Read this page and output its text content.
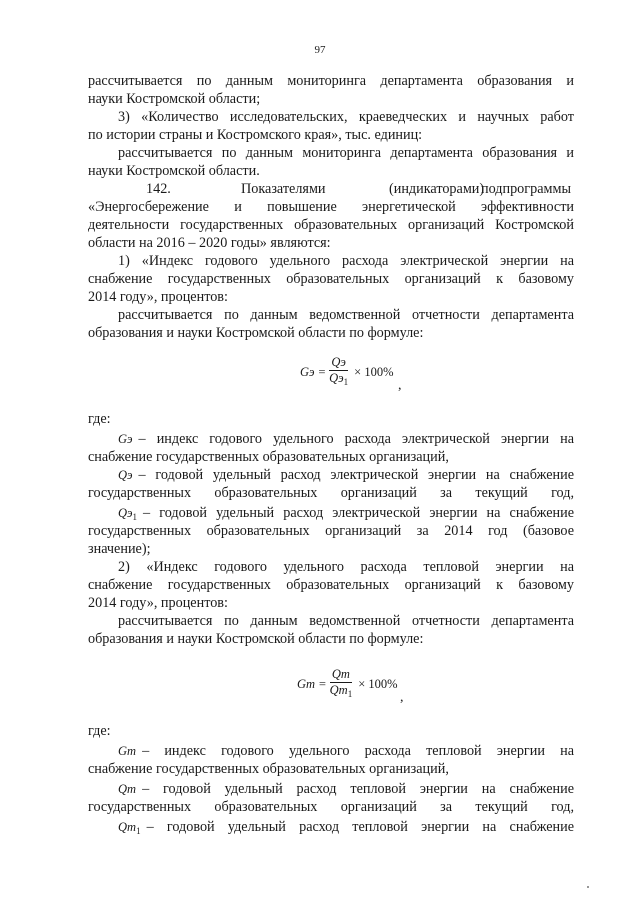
97
рассчитывается по данным мониторинга департамента образования и
науки Костромской области;
3) «Количество исследовательских, краеведческих и научных работ
по истории страны и Костромского края», тыс. единиц:
рассчитывается по данным мониторинга департамента образования и
науки Костромской области.
142.	Показателями	(индикаторами)
подпрограммы
«Энергосбережение и повышение энергетической эффективности
деятельности государственных образовательных организаций Костромской
области на 2016 – 2020 годы» являются:
1) «Индекс годового удельного расхода электрической энергии на
снабжение государственных образовательных организаций к базовому
2014 году», процентов:
рассчитывается по данным ведомственной отчетности департамента
образования и науки Костромской области по формуле:
Gэ = $\frac{Qэ}{Qэ_1} \times 100\%$
,
где:
Gэ – индекс годового удельного расхода электрической энергии на
снабжение государственных образовательных организаций,
Qэ – годовой удельный расход электрической энергии на снабжение
государственных образовательных организаций за текущий год,
$Qэ_1$ – годовой удельный расход электрической энергии на снабжение
государственных образовательных организаций за 2014 год (базовое
значение);
2) «Индекс годового удельного расхода тепловой энергии на
снабжение государственных образовательных организаций к базовому
2014 году», процентов:
рассчитывается по данным ведомственной отчетности департамента
образования и науки Костромской области по формуле:
$Gm = \frac{Qm}{Qm_1} \times 100\%$
,
где:
Gm – индекс годового удельного расхода тепловой энергии на
снабжение государственных образовательных организаций,
Qm – годовой удельный расход тепловой энергии на снабжение
государственных образовательных организаций за текущий год,
$Qm_1$ – годовой удельный расход тепловой энергии на снабжение
